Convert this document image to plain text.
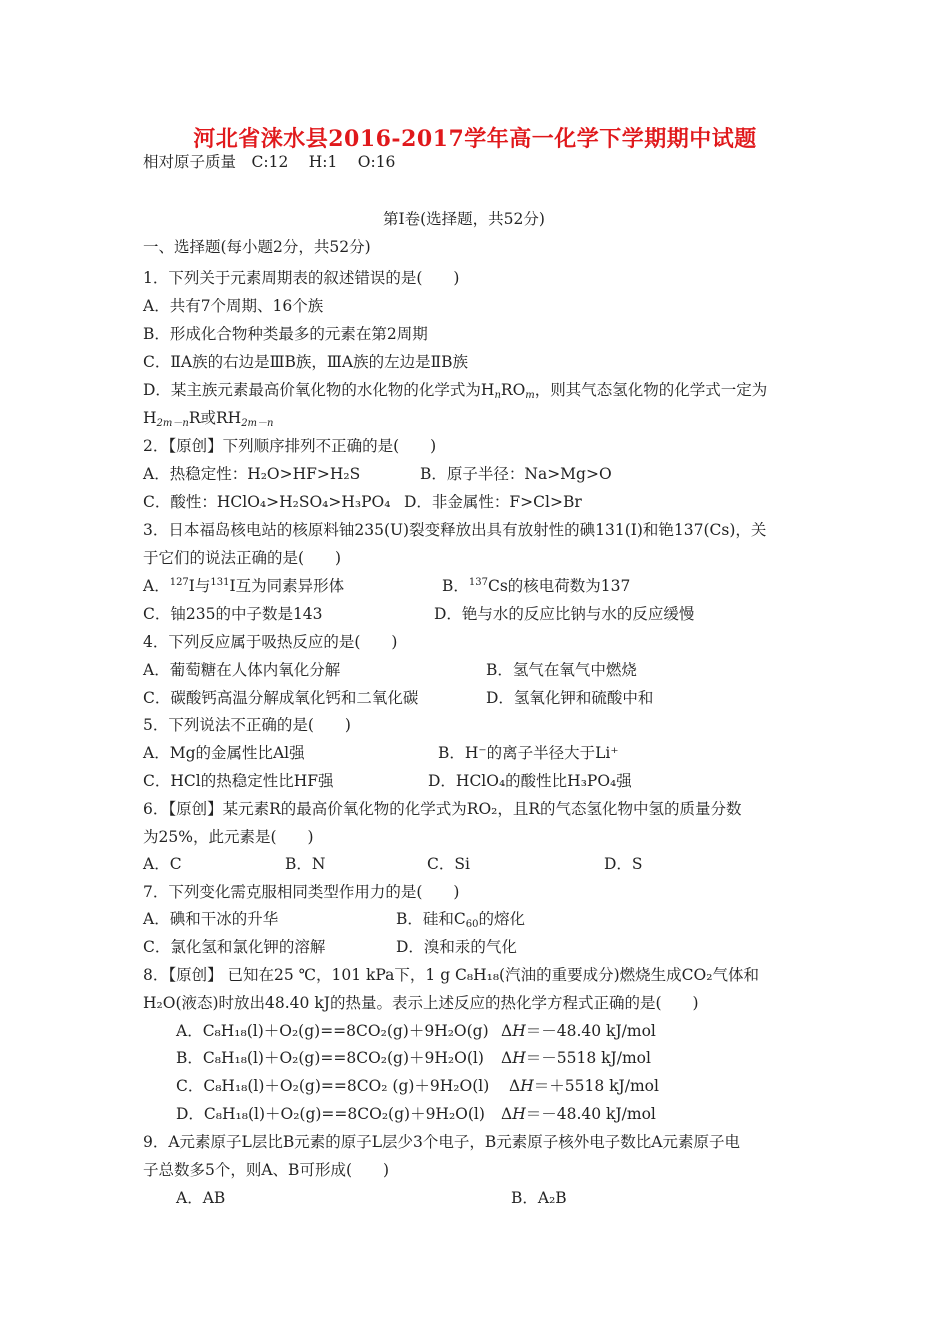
河北省涞水县2016-2017学年高一化学下学期期中试题
相对原子质量　C:12　 H:1　 O:16
第Ⅰ卷(选择题，共52分)
一、选择题(每小题2分，共52分)
1．下列关于元素周期表的叙述错误的是(　　)
A．共有7个周期、16个族
B．形成化合物种类最多的元素在第2周期
C．ⅡA族的右边是ⅢB族，ⅢA族的左边是ⅡB族
D．某主族元素最高价氧化物的水化物的化学式为$H_nRO_m$，则其气态氢化物的化学式一定为
$H_{2m-n}R$或$RH_{2m-n}$
2．【原创】下列顺序排列不正确的是(　　)
A．热稳定性：H₂O>HF>H₂S	B．原子半径：Na>Mg>O
C．酸性：HClO₄>H₂SO₄>H₃PO₄ D．非金属性：F>Cl>Br
3．日本福岛核电站的核原料铀235(U)裂变释放出具有放射性的碘131(I)和铯137(Cs)，关
于它们的说法正确的是(　　)
A．$^{127}$I与$^{131}$I互为同素异形体	B．$^{137}$Cs的核电荷数为137
C．铀235的中子数是143	D．铯与水的反应比钠与水的反应缓慢
4．下列反应属于吸热反应的是(　　)
A．葡萄糖在人体内氧化分解	B．氢气在氧气中燃烧
C．碳酸钙高温分解成氧化钙和二氧化碳	D．氢氧化钾和硫酸中和
5．下列说法不正确的是(　　)
A．Mg的金属性比Al强	B．H⁻的离子半径大于Li⁺
C．HCl的热稳定性比HF强	D．HClO₄的酸性比H₃PO₄强
6．【原创】某元素R的最高价氧化物的化学式为RO₂，且R的气态氢化物中氢的质量分数
为25%，此元素是(　　)
A．C	B．N	C．Si	D．S
7．下列变化需克服相同类型作用力的是(　　)
A．碘和干冰的升华	B．硅和$C_{60}$的熔化
C．氯化氢和氯化钾的溶解	D．溴和汞的气化
8．【原创】 已知在25 ℃，101 kPa下，1 g C₈H₁₈(汽油的重要成分)燃烧生成CO₂气体和
H₂O(液态)时放出48.40 kJ的热量。表示上述反应的热化学方程式正确的是(　　)
A．C₈H₁₈(l)＋O₂(g)==8CO₂(g)＋9H₂O(g) ΔH＝－48.40 kJ/mol
B．C₈H₁₈(l)＋O₂(g)==8CO₂(g)＋9H₂O(l) ΔH＝－5518 kJ/mol
C．C₈H₁₈(l)＋O₂(g)==8CO₂ (g)＋9H₂O(l) ΔH＝＋5518 kJ/mol
D．C₈H₁₈(l)＋O₂(g)==8CO₂(g)＋9H₂O(l) ΔH＝－48.40 kJ/mol
9．A元素原子L层比B元素的原子L层少3个电子，B元素原子核外电子数比A元素原子电
子总数多5个，则A、B可形成(　　)
A．AB	B．A₂B
